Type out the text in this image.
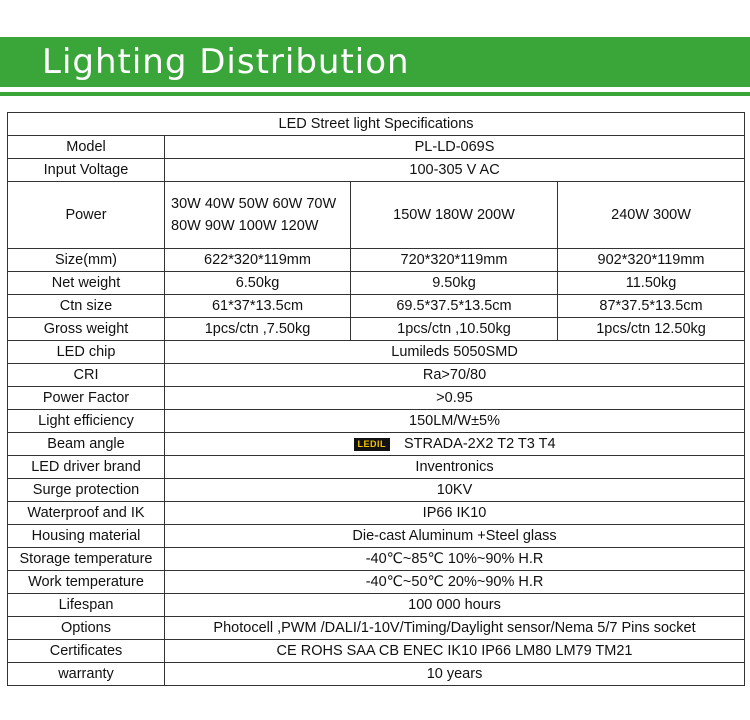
Lighting Distribution
LED Street light Specifications			
Model	PL-LD-069S		
Input Voltage	100-305 V AC		
Power	30W 40W 50W 60W 70W 80W 90W 100W 120W	150W 180W 200W	240W 300W
Size(mm)	622*320*119mm	720*320*119mm	902*320*119mm
Net weight	6.50kg	9.50kg	11.50kg
Ctn size	61*37*13.5cm	69.5*37.5*13.5cm	87*37.5*13.5cm
Gross weight	1pcs/ctn ,7.50kg	1pcs/ctn ,10.50kg	1pcs/ctn 12.50kg
LED chip	Lumileds 5050SMD		
CRI	Ra>70/80		
Power Factor	>0.95		
Light efficiency	150LM/W±5%		
Beam angle	LEDIL STRADA-2X2 T2 T3 T4		
LED driver brand	Inventronics		
Surge protection	10KV		
Waterproof and IK	IP66 IK10		
Housing material	Die-cast Aluminum +Steel glass		
Storage temperature	-40℃~85℃ 10%~90% H.R		
Work temperature	-40℃~50℃ 20%~90% H.R		
Lifespan	100 000 hours		
Options	Photocell ,PWM /DALI/1-10V/Timing/Daylight sensor/Nema 5/7 Pins socket		
Certificates	CE ROHS SAA CB ENEC IK10 IP66 LM80 LM79 TM21		
warranty	10 years		
